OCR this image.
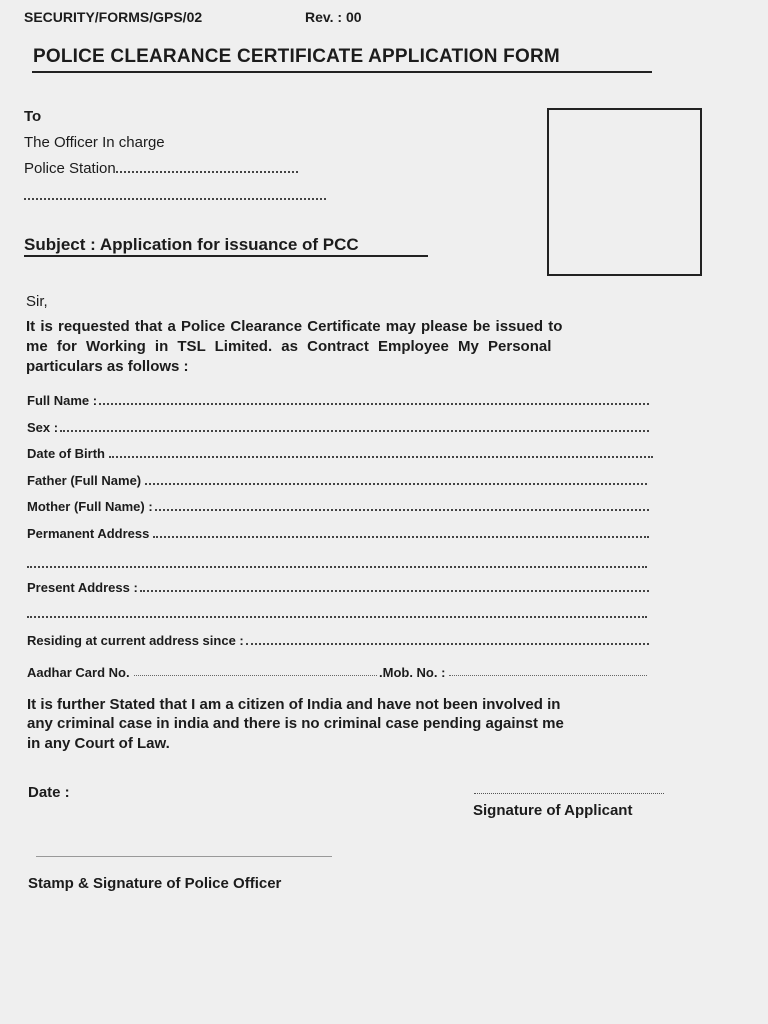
SECURITY/FORMS/GPS/02	Rev. : 00
POLICE CLEARANCE CERTIFICATE APPLICATION FORM
To
The Officer In charge
Police Station
Subject : Application for issuance of PCC
Sir,
It is requested that a Police Clearance Certificate may please be issued to
me for Working in TSL Limited. as Contract Employee My Personal
particulars as follows :
Full Name :
Sex :
Date of Birth
Father (Full Name)
Mother (Full Name) :
Permanent Address
Present Address :
Residing at current address since :
Aadhar Card No.	.Mob. No. :
It is further Stated that I am a citizen of India and have not been involved in
any criminal case in india and there is no criminal case pending against me
in any Court of Law.
Date :
Signature of Applicant
Stamp & Signature of Police Officer
